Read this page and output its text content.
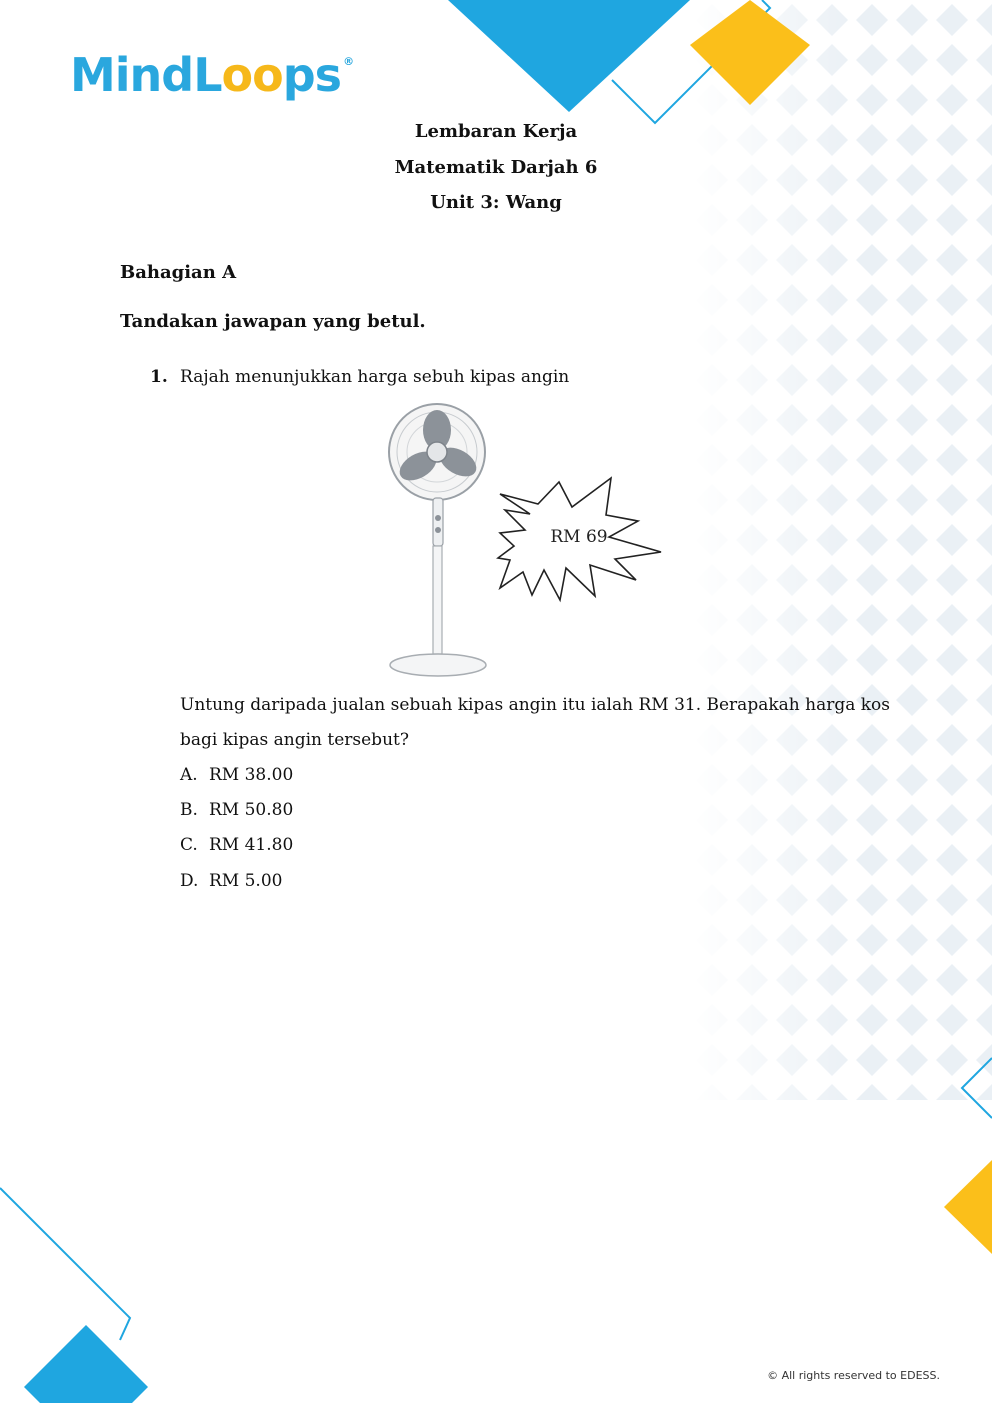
MindLoops ®
Lembaran Kerja
Matematik Darjah 6
Unit 3: Wang
Bahagian A
Tandakan jawapan yang betul.
1. Rajah menunjukkan harga sebuh kipas angin
RM 69
Untung daripada jualan sebuah kipas angin itu ialah RM 31. Berapakah harga kos
bagi kipas angin tersebut?
A. RM 38.00
B. RM 50.80
C. RM 41.80
D. RM 5.00
© All rights reserved to EDESS.
